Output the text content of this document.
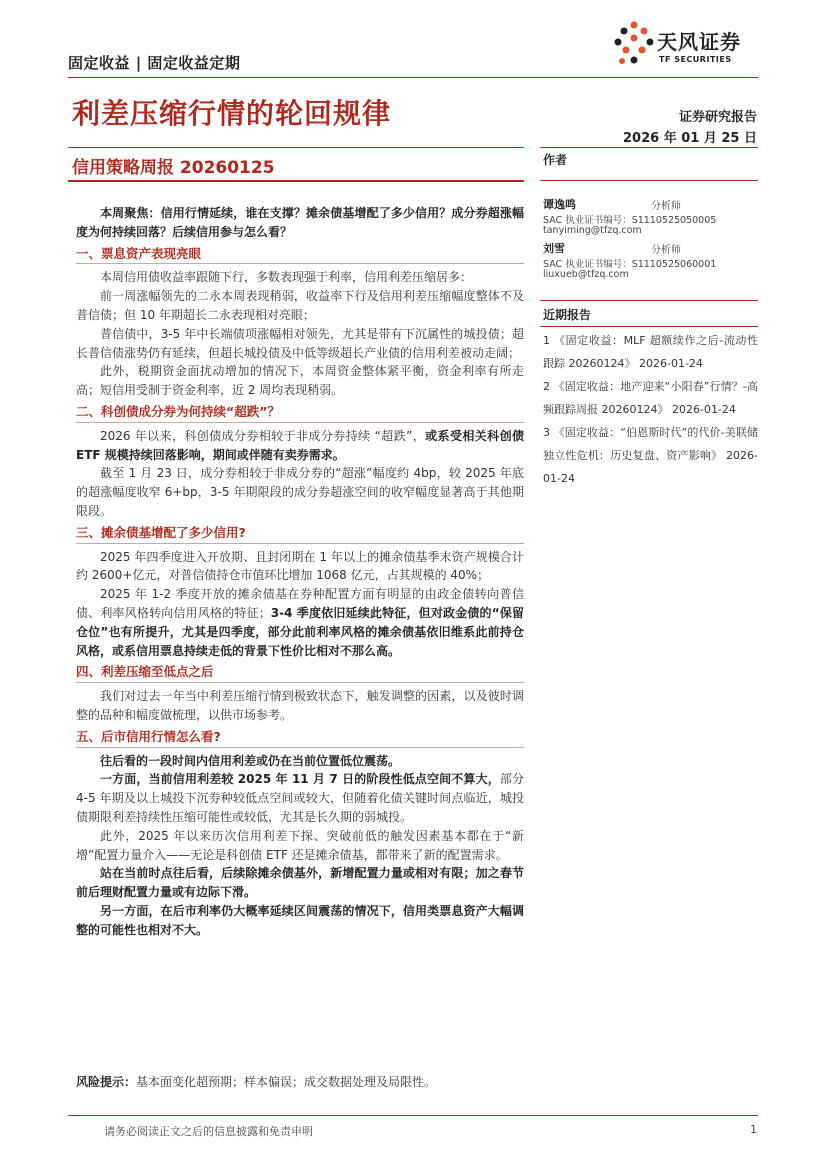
固定收益 | 固定收益定期
天风证券
TF SECURITIES
利差压缩行情的轮回规律
信用策略周报 20260125
证券研究报告
2026 年 01 月 25 日
作者
谭逸鸣	分析师
SAC 执业证书编号：S1110525050005
tanyiming@tfzq.com
刘雪	分析师
SAC 执业证书编号：S1110525060001
liuxueb@tfzq.com
近期报告

1 《固定收益：MLF 超额续作之后-流动性跟踪 20260124》 2026-01-24

2 《固定收益：地产迎来“小阳春”行情？-高频跟踪周报 20260124》 2026-01-24

3 《固定收益：“伯恩斯时代”的代价-美联储独立性危机：历史复盘、资产影响》 2026-01-24

本周聚焦：信用行情延续，谁在支撑？摊余债基增配了多少信用？成分券超涨幅度为何持续回落？后续信用参与怎么看？

一、票息资产表现亮眼

本周信用债收益率跟随下行，多数表现强于利率，信用利差压缩居多：

前一周涨幅领先的二永本周表现稍弱，收益率下行及信用利差压缩幅度整体不及普信债；但 10 年期超长二永表现相对亮眼；

普信债中，3-5 年中长端债项涨幅相对领先，尤其是带有下沉属性的城投债；超长普信债涨势仍有延续，但超长城投债及中低等级超长产业债的信用利差被动走阔；

此外，税期资金面扰动增加的情况下，本周资金整体紧平衡，资金利率有所走高；短信用受制于资金利率，近 2 周均表现稍弱。

二、科创债成分券为何持续“超跌”？

2026 年以来，科创债成分券相较于非成分券持续 “超跌”，或系受相关科创债 ETF 规模持续回落影响，期间或伴随有卖券需求。

截至 1 月 23 日，成分券相较于非成分券的“超涨”幅度约 4bp，较 2025 年底的超涨幅度收窄 6+bp，3-5 年期限段的成分券超涨空间的收窄幅度显著高于其他期限段。

三、摊余债基增配了多少信用?

2025 年四季度进入开放期、且封闭期在 1 年以上的摊余债基季末资产规模合计约 2600+亿元，对普信债持仓市值环比增加 1068 亿元，占其规模的 40%；

2025 年 1-2 季度开放的摊余债基在券种配置方面有明显的由政金债转向普信债、利率风格转向信用风格的特征；3-4 季度依旧延续此特征，但对政金债的“保留仓位”也有所提升，尤其是四季度，部分此前利率风格的摊余债基依旧维系此前持仓风格，或系信用票息持续走低的背景下性价比相对不那么高。

四、利差压缩至低点之后

我们对过去一年当中利差压缩行情到极致状态下，触发调整的因素，以及彼时调整的品种和幅度做梳理，以供市场参考。

五、后市信用行情怎么看?

往后看的一段时间内信用利差或仍在当前位置低位震荡。

一方面，当前信用利差较 2025 年 11 月 7 日的阶段性低点空间不算大，部分 4-5 年期及以上城投下沉券种较低点空间或较大，但随着化债关键时间点临近，城投债期限利差持续性压缩可能性或较低，尤其是长久期的弱城投。

此外，2025 年以来历次信用利差下探、突破前低的触发因素基本都在于“新增”配置力量介入——无论是科创债 ETF 还是摊余债基，都带来了新的配置需求。

站在当前时点往后看，后续除摊余债基外，新增配置力量或相对有限；加之春节前后理财配置力量或有边际下滑。

另一方面，在后市利率仍大概率延续区间震荡的情况下，信用类票息资产大幅调整的可能性也相对不大。

风险提示：基本面变化超预期；样本偏误；成交数据处理及局限性。
请务必阅读正文之后的信息披露和免责申明	1
